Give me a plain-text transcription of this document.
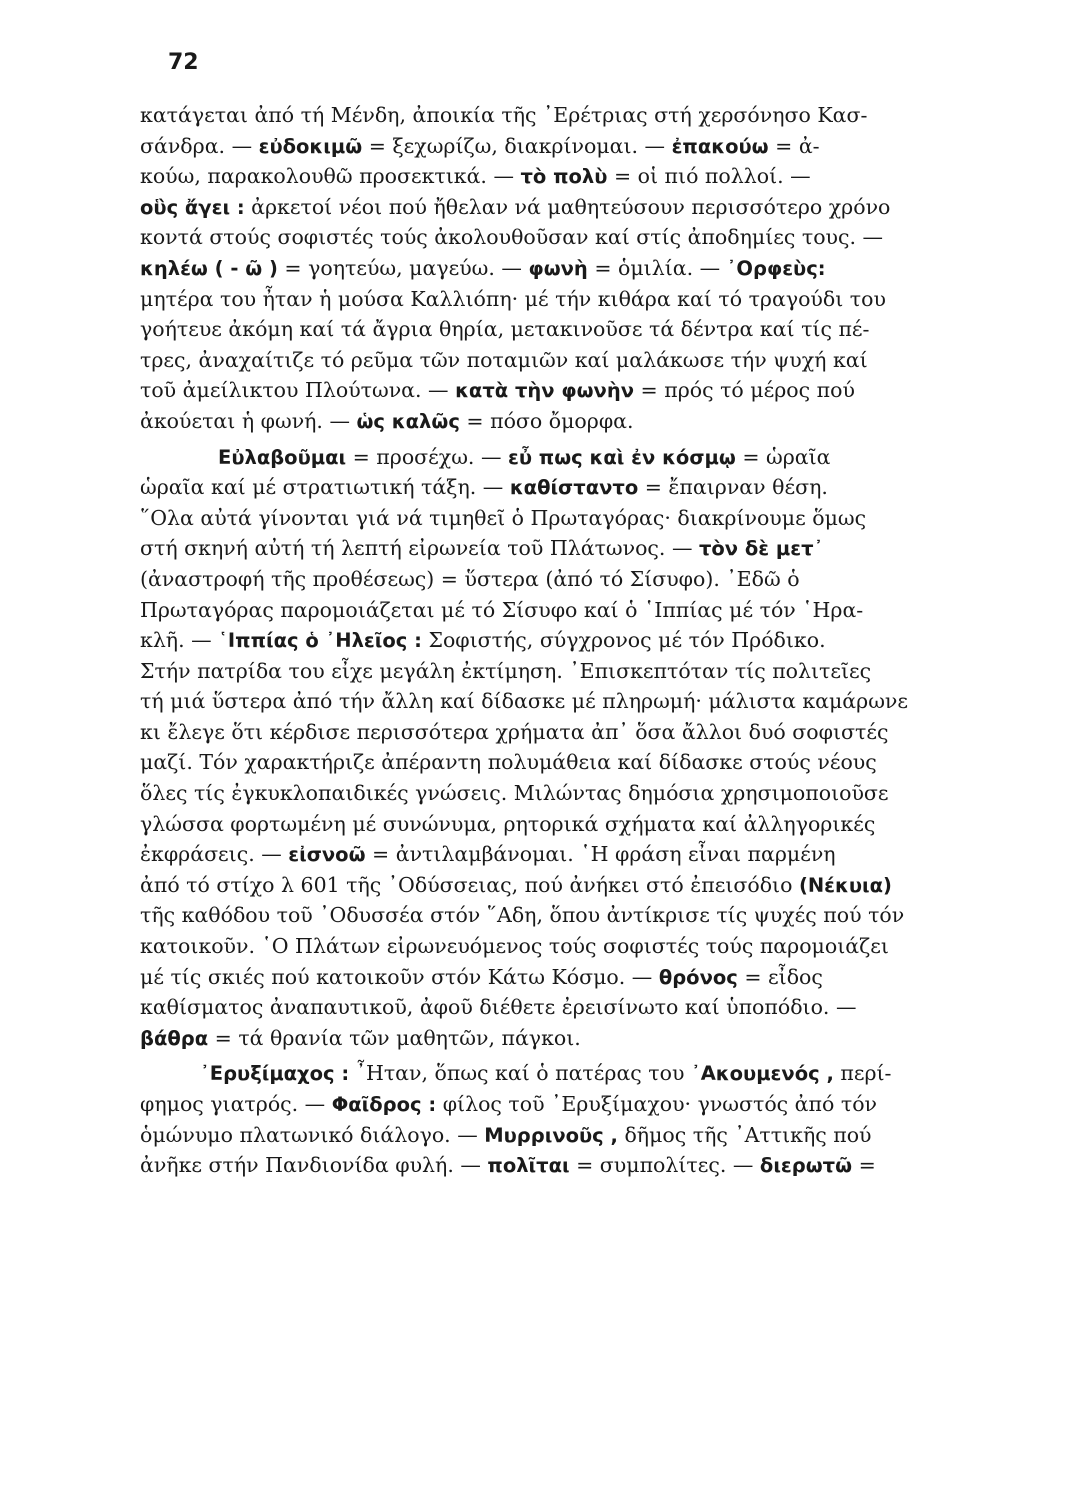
72
κατάγεται ἀπό τή Μένδη, ἀποικία τῆς ᾿Ερέτριας στή χερσόνησο Κασ-
σάνδρα. — εὐδοκιμῶ = ξεχωρίζω, διακρίνομαι. — ἐπακούω = ἀ-
κούω, παρακολουθῶ προσεκτικά. — τὸ πολὺ = οἱ πιό πολλοί. —
οὓς ἄγει : ἀρκετοί νέοι πού ἤθελαν νά μαθητεύσουν περισσότερο χρόνο
κοντά στούς σοφιστές τούς ἀκολουθοῦσαν καί στίς ἀποδημίες τους. —
κηλέω ( - ῶ ) = γοητεύω, μαγεύω. — φωνὴ = ὁμιλία. — ᾿Ορφεὺς:
μητέρα του ἦταν ἡ μούσα Καλλιόπη· μέ τήν κιθάρα καί τό τραγούδι του
γοήτευε ἀκόμη καί τά ἄγρια θηρία, μετακινοῦσε τά δέντρα καί τίς πέ-
τρες, ἀναχαίτιζε τό ρεῦμα τῶν ποταμιῶν καί μαλάκωσε τήν ψυχή καί
τοῦ ἀμείλικτου Πλούτωνα. — κατὰ τὴν φωνὴν = πρός τό μέρος πού
ἀκούεται ἡ φωνή. — ὡς καλῶς = πόσο ὄμορφα.
Εὐλαβοῦμαι = προσέχω. — εὖ πως καὶ ἐν κόσμῳ = ὡραῖα
ὡραῖα καί μέ στρατιωτική τάξη. — καθίσταντο = ἔπαιρναν θέση.
῞Ολα αὐτά γίνονται γιά νά τιμηθεῖ ὁ Πρωταγόρας· διακρίνουμε ὅμως
στή σκηνή αὐτή τή λεπτή εἰρωνεία τοῦ Πλάτωνος. — τὸν δὲ μετ᾿
(ἀναστροφή τῆς προθέσεως) = ὕστερα (ἀπό τό Σίσυφο). ᾿Εδῶ ὁ
Πρωταγόρας παρομοιάζεται μέ τό Σίσυφο καί ὁ ῾Ιππίας μέ τόν ῾Ηρα-
κλῆ. — ῾Ιππίας ὁ ᾿Ηλεῖος : Σοφιστής, σύγχρονος μέ τόν Πρόδικο.
Στήν πατρίδα του εἶχε μεγάλη ἐκτίμηση. ᾿Επισκεπτόταν τίς πολιτεῖες
τή μιά ὕστερα ἀπό τήν ἄλλη καί δίδασκε μέ πληρωμή· μάλιστα καμάρωνε
κι ἔλεγε ὅτι κέρδισε περισσότερα χρήματα ἀπ᾿ ὅσα ἄλλοι δυό σοφιστές
μαζί. Τόν χαρακτήριζε ἀπέραντη πολυμάθεια καί δίδασκε στούς νέους
ὅλες τίς ἐγκυκλοπαιδικές γνώσεις. Μιλώντας δημόσια χρησιμοποιοῦσε
γλώσσα φορτωμένη μέ συνώνυμα, ρητορικά σχήματα καί ἀλληγορικές
ἐκφράσεις. — εἰσνοῶ = ἀντιλαμβάνομαι. ῾Η φράση εἶναι παρμένη
ἀπό τό στίχο λ 601 τῆς ᾿Οδύσσειας, πού ἀνήκει στό ἐπεισόδιο (Νέκυια)
τῆς καθόδου τοῦ ᾿Οδυσσέα στόν ῞Αδη, ὅπου ἀντίκρισε τίς ψυχές πού τόν
κατοικοῦν. ῾Ο Πλάτων εἰρωνευόμενος τούς σοφιστές τούς παρομοιάζει
μέ τίς σκιές πού κατοικοῦν στόν Κάτω Κόσμο. — θρόνος = εἶδος
καθίσματος ἀναπαυτικοῦ, ἀφοῦ διέθετε ἐρεισίνωτο καί ὑποπόδιο. —
βάθρα = τά θρανία τῶν μαθητῶν, πάγκοι.
᾿Ερυξίμαχος : ῏Ηταν, ὅπως καί ὁ πατέρας του ᾿Ακουμενός , περί-
φημος γιατρός. — Φαῖδρος : φίλος τοῦ ᾿Ερυξίμαχου· γνωστός ἀπό τόν
ὁμώνυμο πλατωνικό διάλογο. — Μυρρινοῦς , δῆμος τῆς ᾿Αττικῆς πού
ἀνῆκε στήν Πανδιονίδα φυλή. — πολῖται = συμπολίτες. — διερωτῶ =
